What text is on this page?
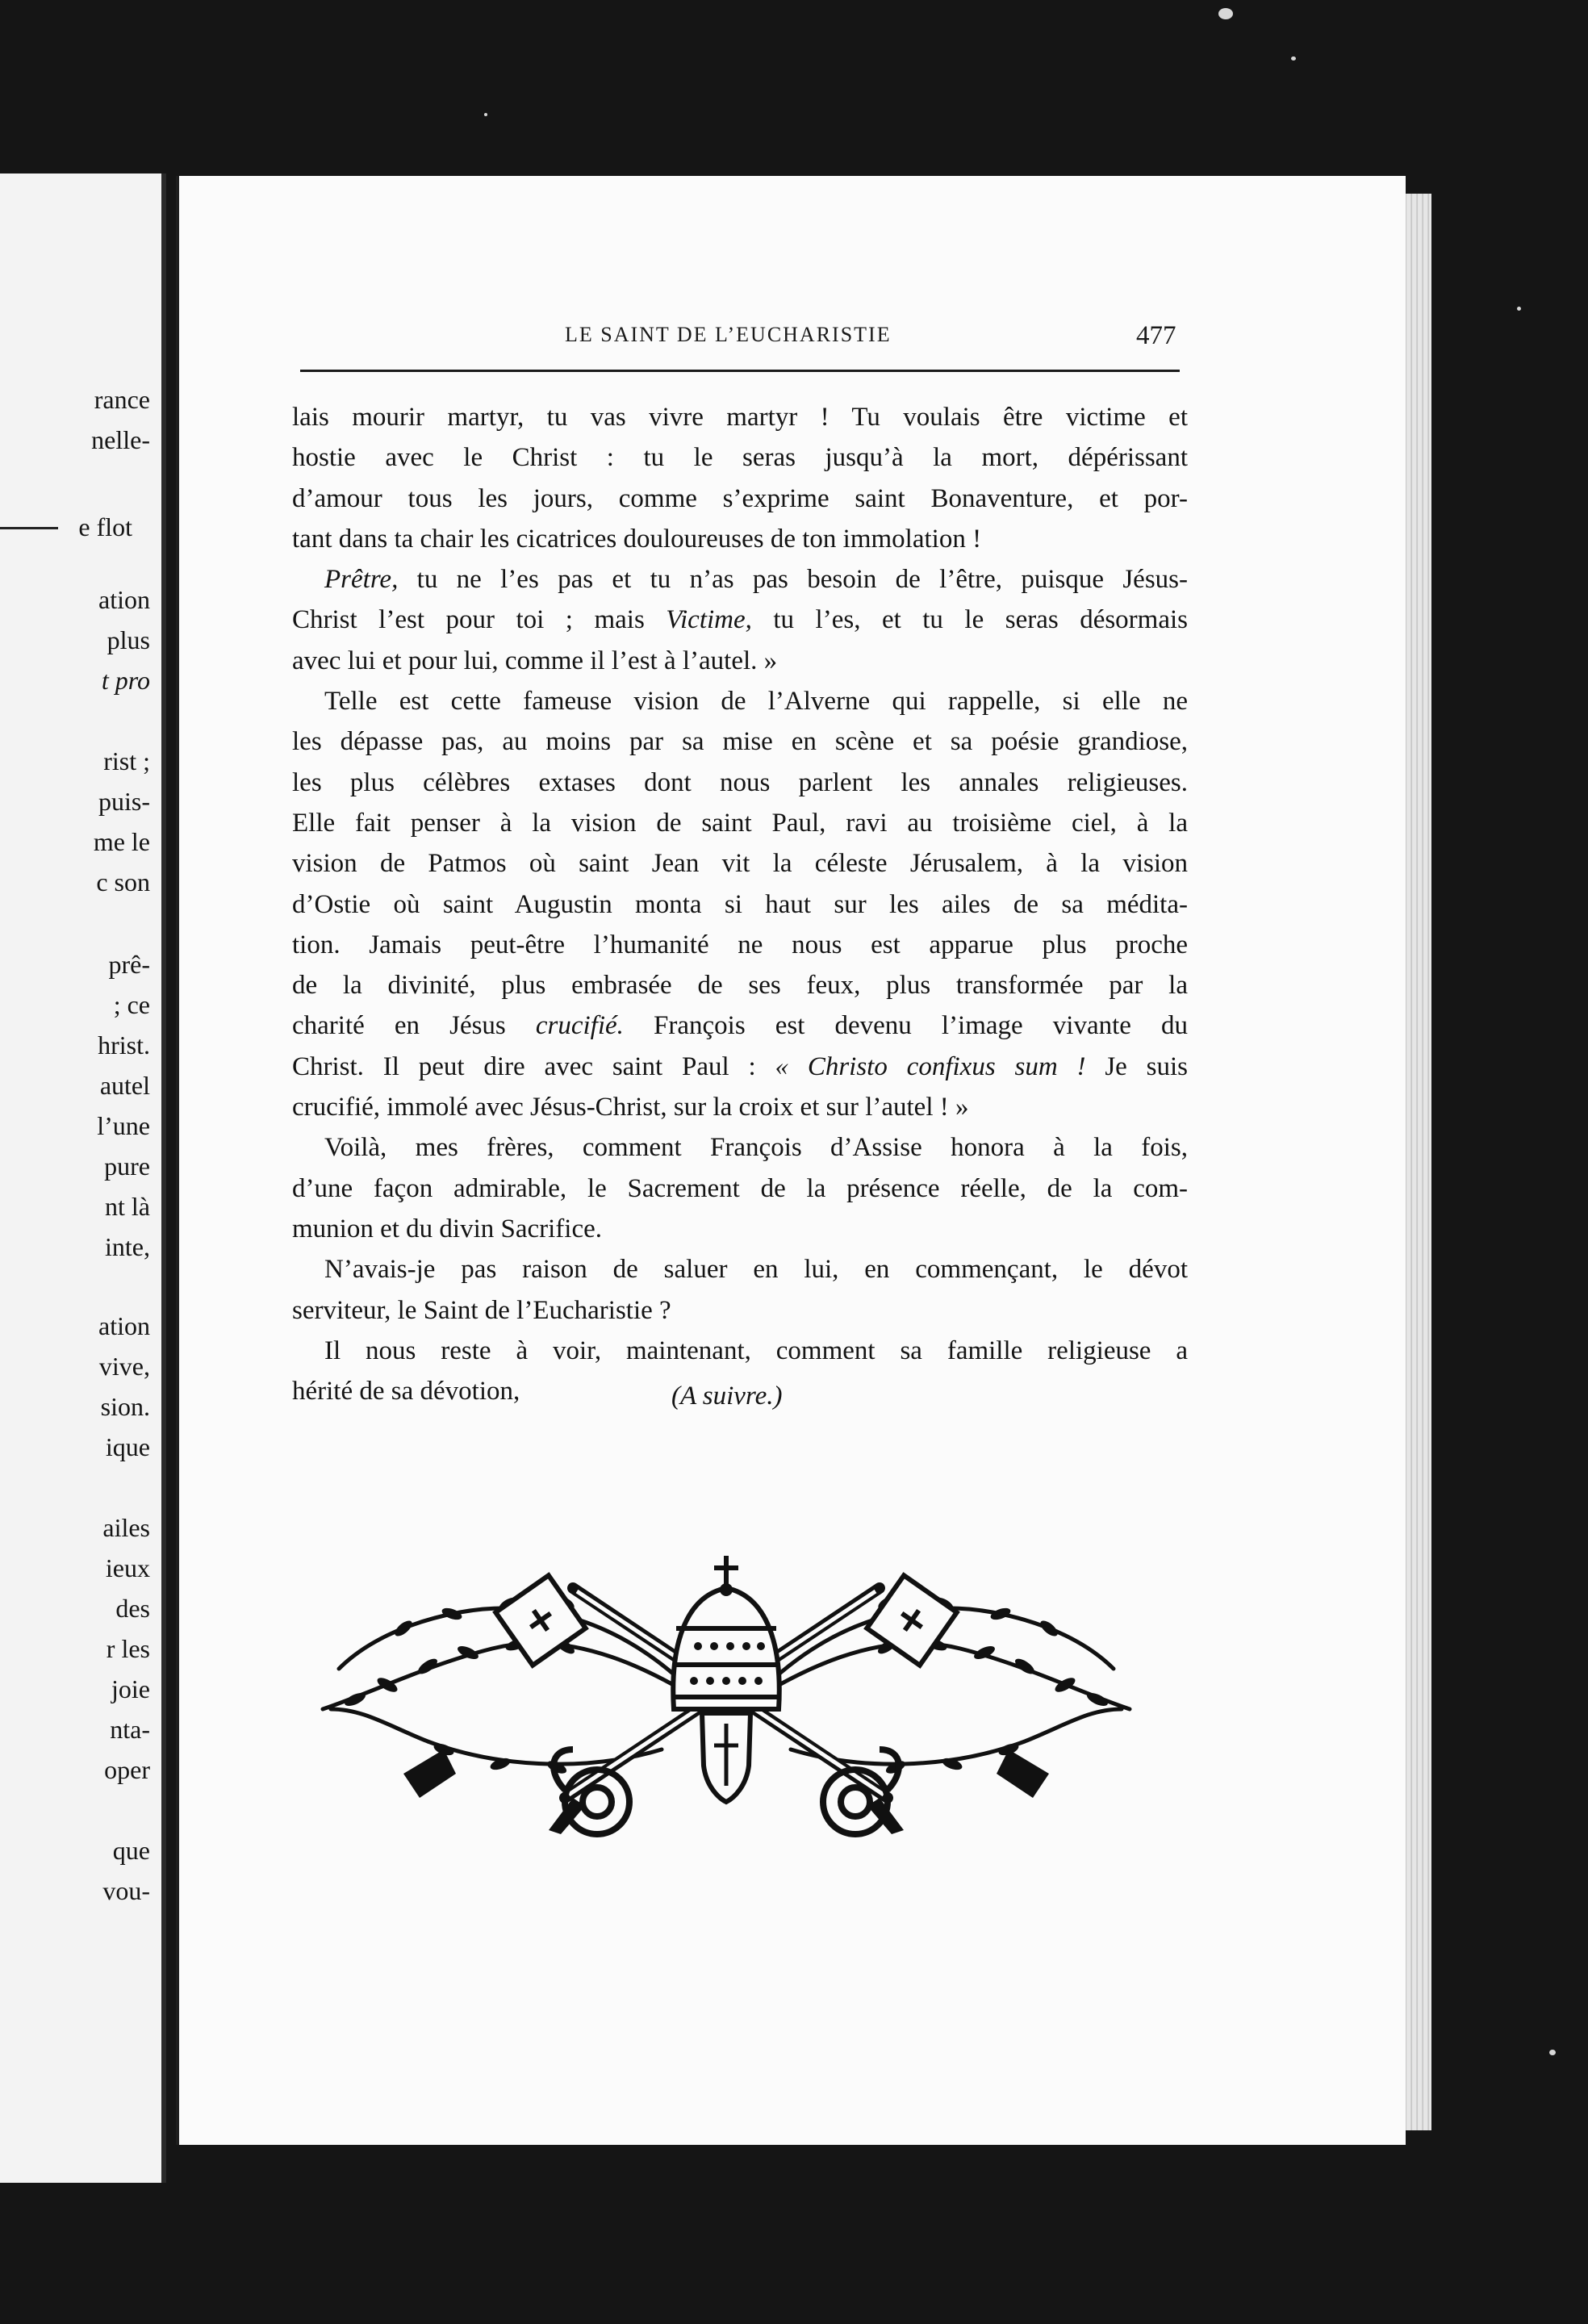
rance
nelle-
e flot
ation
plus
t pro
rist ;
puis-
me le
c son
prê-
; ce
hrist.
autel
l’une
pure
nt là
inte,
ation
vive,
sion.
ique
ailes
ieux
des
r les
joie
nta-
oper
que
vou-
LE SAINT DE L’EUCHARISTIE	477
lais mourir martyr, tu vas vivre martyr ! Tu voulais être victime et
hostie avec le Christ : tu le seras jusqu’à la mort, dépérissant
d’amour tous les jours, comme s’exprime saint Bonaventure, et por-
tant dans ta chair les cicatrices douloureuses de ton immolation !
Prêtre, tu ne l’es pas et tu n’as pas besoin de l’être, puisque Jésus-
Christ l’est pour toi ; mais Victime, tu l’es, et tu le seras désormais
avec lui et pour lui, comme il l’est à l’autel. »
Telle est cette fameuse vision de l’Alverne qui rappelle, si elle ne
les dépasse pas, au moins par sa mise en scène et sa poésie grandiose,
les plus célèbres extases dont nous parlent les annales religieuses.
Elle fait penser à la vision de saint Paul, ravi au troisième ciel, à la
vision de Patmos où saint Jean vit la céleste Jérusalem, à la vision
d’Ostie où saint Augustin monta si haut sur les ailes de sa médita-
tion. Jamais peut-être l’humanité ne nous est apparue plus proche
de la divinité, plus embrasée de ses feux, plus transformée par la
charité en Jésus crucifié. François est devenu l’image vivante du
Christ. Il peut dire avec saint Paul : « Christo confixus sum ! Je suis
crucifié, immolé avec Jésus-Christ, sur la croix et sur l’autel ! »
Voilà, mes frères, comment François d’Assise honora à la fois,
d’une façon admirable, le Sacrement de la présence réelle, de la com-
munion et du divin Sacrifice.
N’avais-je pas raison de saluer en lui, en commençant, le dévot
serviteur, le Saint de l’Eucharistie ?
Il nous reste à voir, maintenant, comment sa famille religieuse a
hérité de sa dévotion,	(A suivre.)
